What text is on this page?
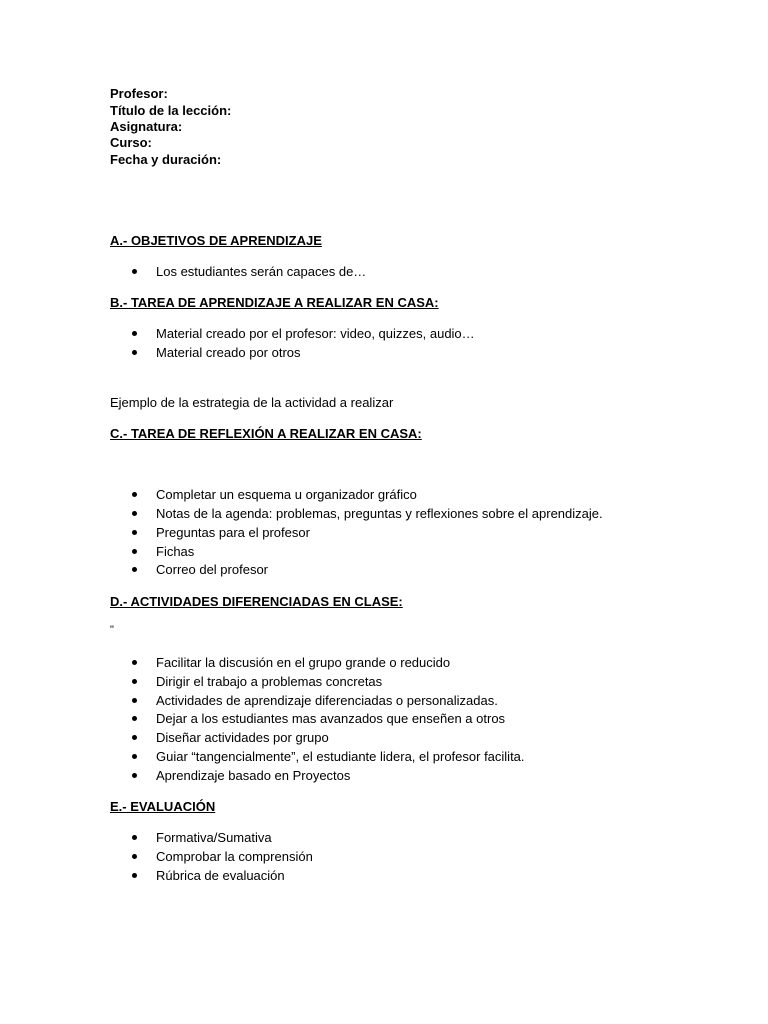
Profesor:
Título de la lección:
Asignatura:
Curso:
Fecha y duración:
A.- OBJETIVOS DE APRENDIZAJE
Los estudiantes serán capaces de…
B.- TAREA DE APRENDIZAJE A REALIZAR EN CASA:
Material creado por el profesor: video, quizzes, audio…
Material creado por otros
Ejemplo de la estrategia de la actividad a realizar
C.- TAREA DE REFLEXIÓN A REALIZAR EN CASA:
Completar un esquema u organizador gráfico
Notas de la agenda: problemas, preguntas y reflexiones sobre el aprendizaje.
Preguntas para el profesor
Fichas
Correo del profesor
D.- ACTIVIDADES DIFERENCIADAS EN CLASE:
"
Facilitar la discusión en el grupo grande o reducido
Dirigir el trabajo a problemas concretas
Actividades de aprendizaje diferenciadas o personalizadas.
Dejar a los estudiantes mas avanzados que enseñen a otros
Diseñar actividades por grupo
Guiar “tangencialmente”, el estudiante lidera, el profesor facilita.
Aprendizaje basado en Proyectos
E.- EVALUACIÓN
Formativa/Sumativa
Comprobar la comprensión
Rúbrica de evaluación
